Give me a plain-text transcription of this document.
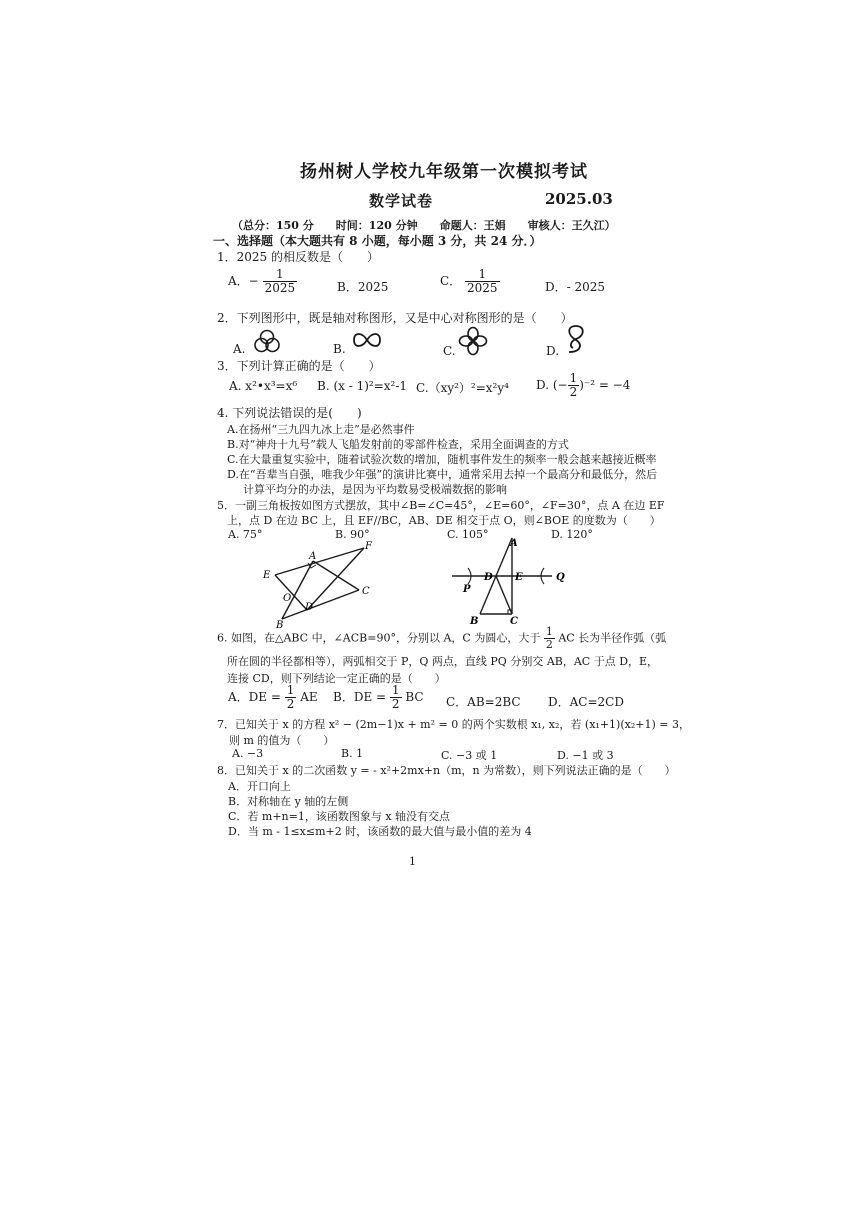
扬州树人学校九年级第一次模拟考试
数学试卷	2025.03
（总分：150 分　　时间：120 分钟　　命题人：王娟　　审核人：王久江）
一、选择题（本大题共有 8 小题，每小题 3 分，共 24 分．）
1．2025 的相反数是（　　）
A．− $\frac{1}{2025}$	B．2025	C． $\frac{1}{2025}$	D．- 2025
2．下列图形中，既是轴对称图形，又是中心对称图形的是（　　）
A.	B.	C.	D.
3．下列计算正确的是（　　）
A. x²•x³=x⁶ B. (x - 1)²=x²-1 C.（xy²）²=x²y⁴ D. (− $\frac{1}{2} )^{-2} = -4$
4. 下列说法错误的是(　　)
A.在扬州“三九四九冰上走”是必然事件
B.对“神舟十九号”载人飞船发射前的零部件检查，采用全面调查的方式
C.在大量重复实验中，随着试验次数的增加，随机事件发生的频率一般会越来越接近概率
D.在“吾辈当自强，唯我少年强”的演讲比赛中，通常采用去掉一个最高分和最低分，然后
计算平均分的办法，是因为平均数易受极端数据的影响
5．一副三角板按如图方式摆放，其中∠B=∠C=45°，∠E=60°，∠F=30°，点 A 在边 EF
上，点 D 在边 BC 上，且 EF//BC，AB、DE 相交于点 O，则∠BOE 的度数为（　　）
A. 75°	B. 90°	C. 105°	D. 120°
A
F
E
C
O
D
B
A
D E	Q
P
B	C
6. 如图，在△ABC 中，∠ACB=90°，分别以 A，C 为圆心，大于 $\frac{1}{2}$ AC 长为半径作弧（弧
所在圆的半径都相等），两弧相交于 P，Q 两点，直线 PQ 分别交 AB，AC 于点 D，E，
连接 CD，则下列结论一定正确的是（　　）
A．DE = $\frac{1}{2}$ AE B．DE = $\frac{1}{2}$ BC C．AB=2BC D．AC=2CD
7．已知关于 x 的方程 x² − (2m−1)x + m² = 0 的两个实数根 x₁, x₂，若 (x₁+1)(x₂+1) = 3，
则 m 的值为（　　）
A. −3	B. 1	C. −3 或 1	D. −1 或 3
8．已知关于 x 的二次函数 y = - x²+2mx+n（m，n 为常数），则下列说法正确的是（　　）
A．开口向上
B．对称轴在 y 轴的左侧
C．若 m+n=1，该函数图象与 x 轴没有交点
D．当 m - 1≤x≤m+2 时，该函数的最大值与最小值的差为 4
1
